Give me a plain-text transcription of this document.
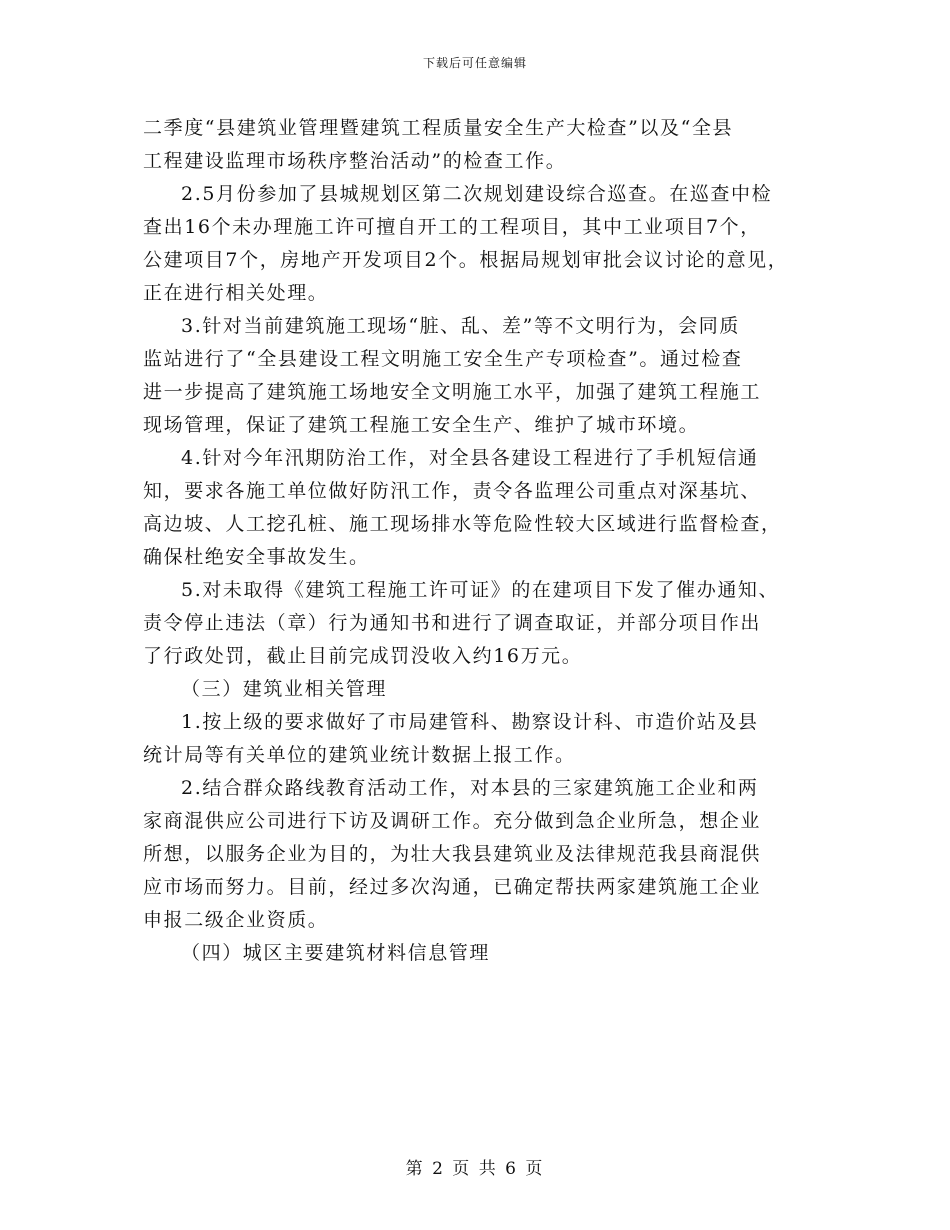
下载后可任意编辑
二季度“县建筑业管理暨建筑工程质量安全生产大检查”以及“全县
工程建设监理市场秩序整治活动”的检查工作。
2.5月份参加了县城规划区第二次规划建设综合巡查。在巡查中检
查出16个未办理施工许可擅自开工的工程项目，其中工业项目7个，
公建项目7个，房地产开发项目2个。根据局规划审批会议讨论的意见，
正在进行相关处理。
3.针对当前建筑施工现场“脏、乱、差”等不文明行为，会同质
监站进行了“全县建设工程文明施工安全生产专项检查”。通过检查
进一步提高了建筑施工场地安全文明施工水平，加强了建筑工程施工
现场管理，保证了建筑工程施工安全生产、维护了城市环境。
4.针对今年汛期防治工作，对全县各建设工程进行了手机短信通
知，要求各施工单位做好防汛工作，责令各监理公司重点对深基坑、
高边坡、人工挖孔桩、施工现场排水等危险性较大区域进行监督检查，
确保杜绝安全事故发生。
5.对未取得《建筑工程施工许可证》的在建项目下发了催办通知、
责令停止违法（章）行为通知书和进行了调查取证，并部分项目作出
了行政处罚，截止目前完成罚没收入约16万元。
（三）建筑业相关管理
1.按上级的要求做好了市局建管科、勘察设计科、市造价站及县
统计局等有关单位的建筑业统计数据上报工作。
2.结合群众路线教育活动工作，对本县的三家建筑施工企业和两
家商混供应公司进行下访及调研工作。充分做到急企业所急，想企业
所想，以服务企业为目的，为壮大我县建筑业及法律规范我县商混供
应市场而努力。目前，经过多次沟通，已确定帮扶两家建筑施工企业
申报二级企业资质。
（四）城区主要建筑材料信息管理
第 2 页 共 6 页
